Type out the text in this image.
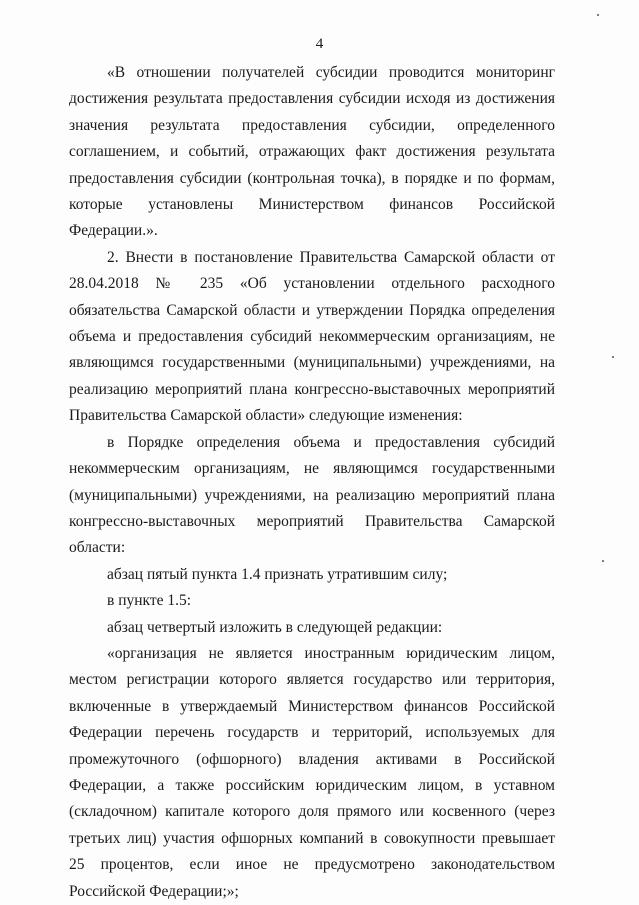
4

«В отношении получателей субсидии проводится мониторинг достижения результата предоставления субсидии исходя из достижения значения результата предоставления субсидии, определенного соглашением, и событий, отражающих факт достижения результата предоставления субсидии (контрольная точка), в порядке и по формам, которые установлены Министерством финансов Российской Федерации.».

2. Внести в постановление Правительства Самарской области от 28.04.2018 № 235 «Об установлении отдельного расходного обязательства Самарской области и утверждении Порядка определения объема и предоставления субсидий некоммерческим организациям, не являющимся государственными (муниципальными) учреждениями, на реализацию мероприятий плана конгрессно-выставочных мероприятий Правительства Самарской области» следующие изменения:

в Порядке определения объема и предоставления субсидий некоммерческим организациям, не являющимся государственными (муниципальными) учреждениями, на реализацию мероприятий плана конгрессно-выставочных мероприятий Правительства Самарской области:

абзац пятый пункта 1.4 признать утратившим силу;

в пункте 1.5:

абзац четвертый изложить в следующей редакции:

«организация не является иностранным юридическим лицом, местом регистрации которого является государство или территория, включенные в утверждаемый Министерством финансов Российской Федерации перечень государств и территорий, используемых для промежуточного (офшорного) владения активами в Российской Федерации, а также российским юридическим лицом, в уставном (складочном) капитале которого доля прямого или косвенного (через третьих лиц) участия офшорных компаний в совокупности превышает 25 процентов, если иное не предусмотрено законодательством Российской Федерации;»;
